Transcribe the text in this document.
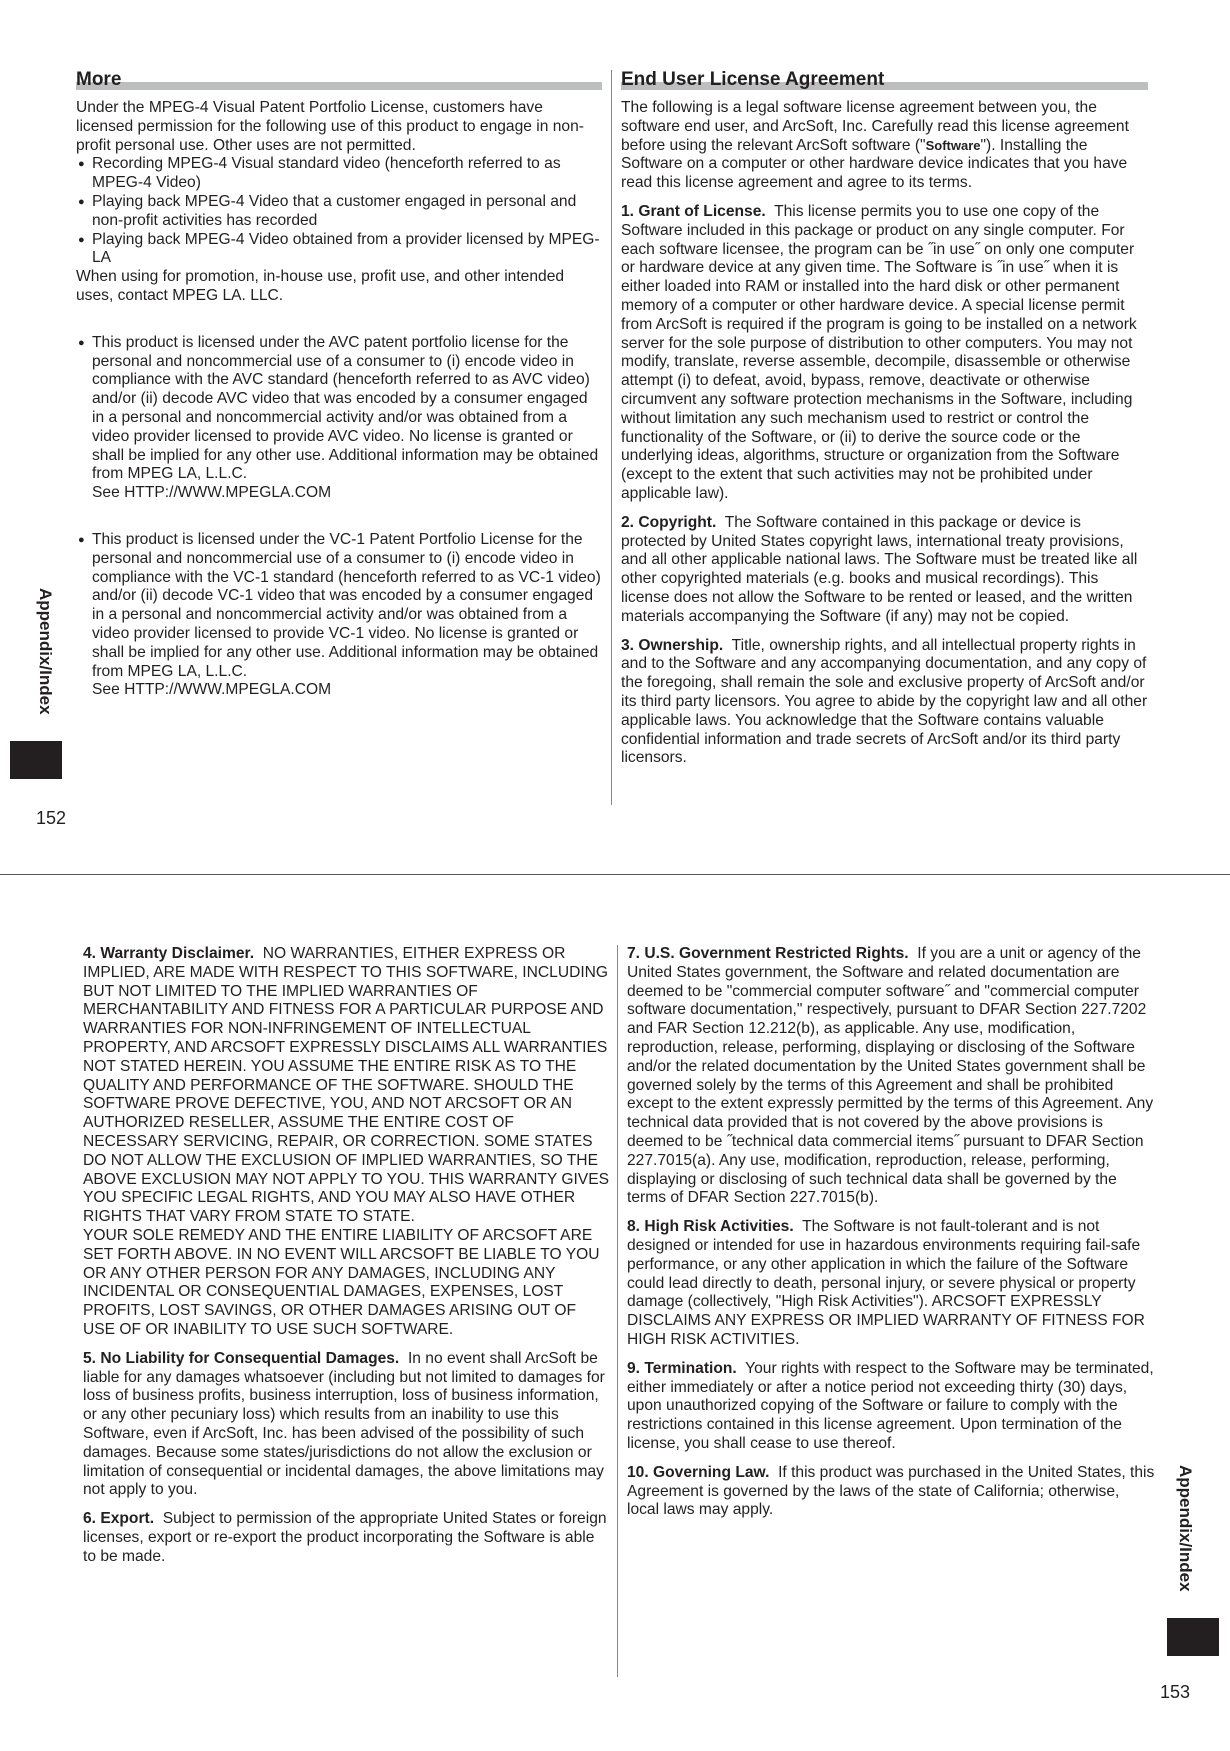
More

Under the MPEG-4 Visual Patent Portfolio License, customers have licensed permission for the following use of this product to engage in non-profit personal use. Other uses are not permitted.

● Recording MPEG-4 Visual standard video (henceforth referred to as MPEG-4 Video)
● Playing back MPEG-4 Video that a customer engaged in personal and non-profit activities has recorded
● Playing back MPEG-4 Video obtained from a provider licensed by MPEG-LA

When using for promotion, in-house use, profit use, and other intended uses, contact MPEG LA. LLC.

● This product is licensed under the AVC patent portfolio license for the personal and noncommercial use of a consumer to (i) encode video in compliance with the AVC standard (henceforth referred to as AVC video) and/or (ii) decode AVC video that was encoded by a consumer engaged in a personal and noncommercial activity and/or was obtained from a video provider licensed to provide AVC video. No license is granted or shall be implied for any other use. Additional information may be obtained from MPEG LA, L.L.C.
See HTTP://WWW.MPEGLA.COM
● This product is licensed under the VC-1 Patent Portfolio License for the personal and noncommercial use of a consumer to (i) encode video in compliance with the VC-1 standard (henceforth referred to as VC-1 video) and/or (ii) decode VC-1 video that was encoded by a consumer engaged in a personal and noncommercial activity and/or was obtained from a video provider licensed to provide VC-1 video. No license is granted or shall be implied for any other use. Additional information may be obtained from MPEG LA, L.L.C.
See HTTP://WWW.MPEGLA.COM
End User License Agreement

The following is a legal software license agreement between you, the software end user, and ArcSoft, Inc. Carefully read this license agreement before using the relevant ArcSoft software ("Software"). Installing the Software on a computer or other hardware device indicates that you have read this license agreement and agree to its terms.

1. Grant of License. This license permits you to use one copy of the Software included in this package or product on any single computer. For each software licensee, the program can be ˝in use˝ on only one computer or hardware device at any given time. The Software is ˝in use˝ when it is either loaded into RAM or installed into the hard disk or other permanent memory of a computer or other hardware device. A special license permit from ArcSoft is required if the program is going to be installed on a network server for the sole purpose of distribution to other computers. You may not modify, translate, reverse assemble, decompile, disassemble or otherwise attempt (i) to defeat, avoid, bypass, remove, deactivate or otherwise circumvent any software protection mechanisms in the Software, including without limitation any such mechanism used to restrict or control the functionality of the Software, or (ii) to derive the source code or the underlying ideas, algorithms, structure or organization from the Software (except to the extent that such activities may not be prohibited under applicable law).

2. Copyright. The Software contained in this package or device is protected by United States copyright laws, international treaty provisions, and all other applicable national laws. The Software must be treated like all other copyrighted materials (e.g. books and musical recordings). This license does not allow the Software to be rented or leased, and the written materials accompanying the Software (if any) may not be copied.

3. Ownership. Title, ownership rights, and all intellectual property rights in and to the Software and any accompanying documentation, and any copy of the foregoing, shall remain the sole and exclusive property of ArcSoft and/or its third party licensors. You agree to abide by the copyright law and all other applicable laws. You acknowledge that the Software contains valuable confidential information and trade secrets of ArcSoft and/or its third party licensors.

Appendix/Index
152

4. Warranty Disclaimer. NO WARRANTIES, EITHER EXPRESS OR IMPLIED, ARE MADE WITH RESPECT TO THIS SOFTWARE, INCLUDING BUT NOT LIMITED TO THE IMPLIED WARRANTIES OF MERCHANTABILITY AND FITNESS FOR A PARTICULAR PURPOSE AND WARRANTIES FOR NON-INFRINGEMENT OF INTELLECTUAL PROPERTY, AND ARCSOFT EXPRESSLY DISCLAIMS ALL WARRANTIES NOT STATED HEREIN. YOU ASSUME THE ENTIRE RISK AS TO THE QUALITY AND PERFORMANCE OF THE SOFTWARE. SHOULD THE SOFTWARE PROVE DEFECTIVE, YOU, AND NOT ARCSOFT OR AN AUTHORIZED RESELLER, ASSUME THE ENTIRE COST OF NECESSARY SERVICING, REPAIR, OR CORRECTION. SOME STATES DO NOT ALLOW THE EXCLUSION OF IMPLIED WARRANTIES, SO THE ABOVE EXCLUSION MAY NOT APPLY TO YOU. THIS WARRANTY GIVES YOU SPECIFIC LEGAL RIGHTS, AND YOU MAY ALSO HAVE OTHER RIGHTS THAT VARY FROM STATE TO STATE.
YOUR SOLE REMEDY AND THE ENTIRE LIABILITY OF ARCSOFT ARE SET FORTH ABOVE. IN NO EVENT WILL ARCSOFT BE LIABLE TO YOU OR ANY OTHER PERSON FOR ANY DAMAGES, INCLUDING ANY INCIDENTAL OR CONSEQUENTIAL DAMAGES, EXPENSES, LOST PROFITS, LOST SAVINGS, OR OTHER DAMAGES ARISING OUT OF USE OF OR INABILITY TO USE SUCH SOFTWARE.

5. No Liability for Consequential Damages. In no event shall ArcSoft be liable for any damages whatsoever (including but not limited to damages for loss of business profits, business interruption, loss of business information, or any other pecuniary loss) which results from an inability to use this Software, even if ArcSoft, Inc. has been advised of the possibility of such damages. Because some states/jurisdictions do not allow the exclusion or limitation of consequential or incidental damages, the above limitations may not apply to you.

6. Export. Subject to permission of the appropriate United States or foreign licenses, export or re-export the product incorporating the Software is able to be made.

7. U.S. Government Restricted Rights. If you are a unit or agency of the United States government, the Software and related documentation are deemed to be "commercial computer software˝ and "commercial computer software documentation," respectively, pursuant to DFAR Section 227.7202 and FAR Section 12.212(b), as applicable. Any use, modification, reproduction, release, performing, displaying or disclosing of the Software and/or the related documentation by the United States government shall be governed solely by the terms of this Agreement and shall be prohibited except to the extent expressly permitted by the terms of this Agreement. Any technical data provided that is not covered by the above provisions is deemed to be ˝technical data commercial items˝ pursuant to DFAR Section 227.7015(a). Any use, modification, reproduction, release, performing, displaying or disclosing of such technical data shall be governed by the terms of DFAR Section 227.7015(b).

8. High Risk Activities. The Software is not fault-tolerant and is not designed or intended for use in hazardous environments requiring fail-safe performance, or any other application in which the failure of the Software could lead directly to death, personal injury, or severe physical or property damage (collectively, "High Risk Activities"). ARCSOFT EXPRESSLY DISCLAIMS ANY EXPRESS OR IMPLIED WARRANTY OF FITNESS FOR HIGH RISK ACTIVITIES.

9. Termination. Your rights with respect to the Software may be terminated, either immediately or after a notice period not exceeding thirty (30) days, upon unauthorized copying of the Software or failure to comply with the restrictions contained in this license agreement. Upon termination of the license, you shall cease to use thereof.

10. Governing Law. If this product was purchased in the United States, this Agreement is governed by the laws of the state of California; otherwise, local laws may apply.	Appendix/Index
153
